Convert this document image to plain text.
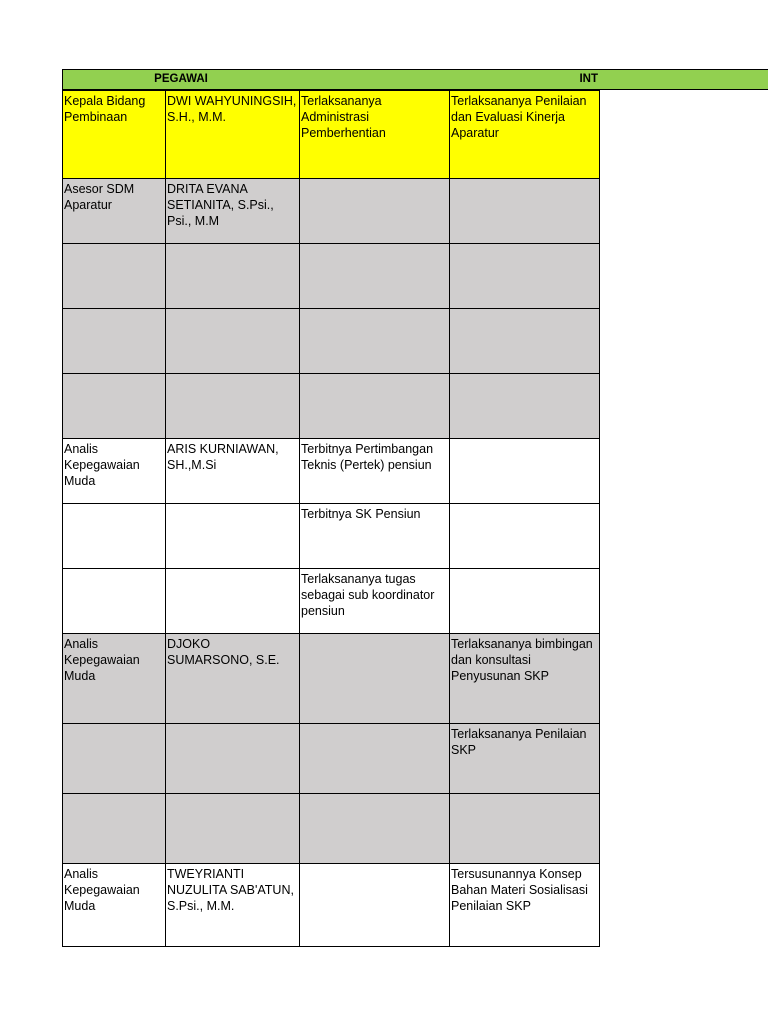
PEGAWAI	INT
Kepala Bidang Pembinaan	DWI WAHYUNINGSIH, S.H., M.M.	Terlaksananya Administrasi Pemberhentian	Terlaksananya Penilaian dan Evaluasi Kinerja Aparatur
Asesor SDM Aparatur	DRITA EVANA SETIANITA, S.Psi., Psi., M.M		

Analis Kepegawaian Muda	ARIS KURNIAWAN, SH.,M.Si	Terbitnya Pertimbangan Teknis (Pertek) pensiun	
		Terbitnya SK Pensiun	
		Terlaksananya tugas sebagai sub koordinator pensiun	
Analis Kepegawaian Muda	DJOKO SUMARSONO, S.E.		Terlaksananya bimbingan dan konsultasi Penyusunan SKP
			Terlaksananya Penilaian SKP

Analis Kepegawaian Muda	TWEYRIANTI NUZULITA SAB'ATUN, S.Psi., M.M.		Tersusunannya Konsep Bahan Materi Sosialisasi Penilaian SKP
